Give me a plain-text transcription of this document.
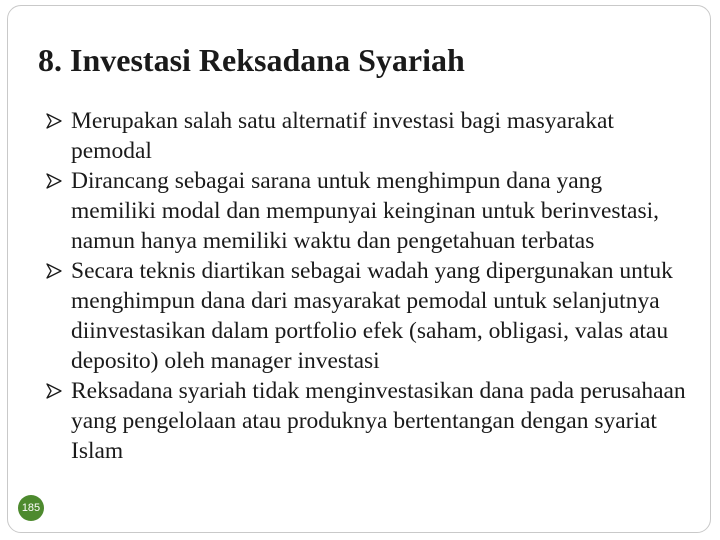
8. Investasi Reksadana Syariah
Merupakan salah satu alternatif investasi bagi masyarakat pemodal
Dirancang sebagai sarana untuk menghimpun dana yang memiliki modal dan mempunyai keinginan untuk berinvestasi, namun hanya memiliki waktu dan pengetahuan terbatas
Secara teknis diartikan sebagai wadah yang dipergunakan untuk menghimpun dana dari masyarakat pemodal untuk selanjutnya diinvestasikan dalam portfolio efek (saham, obligasi, valas atau deposito) oleh manager investasi
Reksadana syariah tidak menginvestasikan dana pada perusahaan yang pengelolaan atau produknya bertentangan dengan syariat Islam
185
